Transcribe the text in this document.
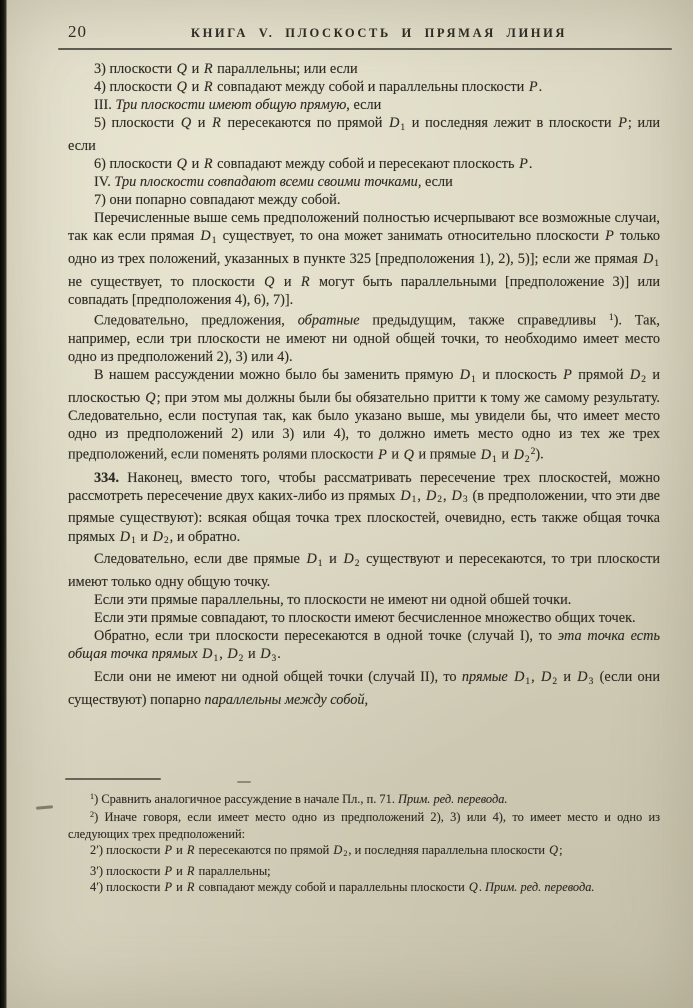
20	КНИГА V. ПЛОСКОСТЬ И ПРЯМАЯ ЛИНИЯ

3) плоскости Q и R параллельны; или если

4) плоскости Q и R совпадают между собой и параллельны плоскости P.

III. Три плоскости имеют общую прямую, если

5) плоскости Q и R пересекаются по прямой D1 и последняя лежит в плоскости P; или если

6) плоскости Q и R совпадают между собой и пересекают плоскость P.

IV. Три плоскости совпадают всеми своими точками, если

7) они попарно совпадают между собой.

Перечисленные выше семь предположений полностью исчерпывают все возможные случаи, так как если прямая D1 существует, то она может занимать относительно плоскости P только одно из трех положений, указанных в пункте 325 [предположения 1), 2), 5)]; если же прямая D1 не существует, то плоскости Q и R могут быть параллельными [предположение 3)] или совпадать [предположения 4), 6), 7)].

Следовательно, предложения, обратные предыдущим, также справедливы $^1$). Так, например, если три плоскости не имеют ни одной общей точки, то необходимо имеет место одно из предположений 2), 3) или 4).

В нашем рассуждении можно было бы заменить прямую D1 и плоскость P прямой D2 и плоскостью Q; при этом мы должны были бы обязательно притти к тому же самому результату. Следовательно, если поступая так, как было указано выше, мы увидели бы, что имеет место одно из предположений 2) или 3) или 4), то должно иметь место одно из тех же трех предположений, если поменять ролями плоскости P и Q и прямые D1 и $D2^2$).

334. Наконец, вместо того, чтобы рассматривать пересечение трех плоскостей, можно рассмотреть пересечение двух каких-либо из прямых D1, D2, D3 (в предположении, что эти две прямые существуют): всякая общая точка трех плоскостей, очевидно, есть также общая точка прямых D1 и D2, и обратно.

Следовательно, если две прямые D1 и D2 существуют и пересекаются, то три плоскости имеют только одну общую точку.

Если эти прямые параллельны, то плоскости не имеют ни одной обшей точки.

Если эти прямые совпадают, то плоскости имеют бесчисленное множество общих точек.

Обратно, если три плоскости пересекаются в одной точке (случай I), то эта точка есть общая точка прямых D1, D2 и D3.

Если они не имеют ни одной общей точки (случай II), то прямые D1, D2 и D3 (если они существуют) попарно параллельны между собой,

$^1$) Сравнить аналогичное рассуждение в начале Пл., п. 71. Прим. ред. перевода.

$^2$) Иначе говоря, если имеет место одно из предположений 2), 3) или 4), то имеет место и одно из следующих трех предположений:

2′) плоскости P и R пересекаются по прямой D2, и последняя параллельна плоскости Q;

3′) плоскости P и R параллельны;

4′) плоскости P и R совпадают между собой и параллельны плоскости Q. Прим. ред. перевода.
